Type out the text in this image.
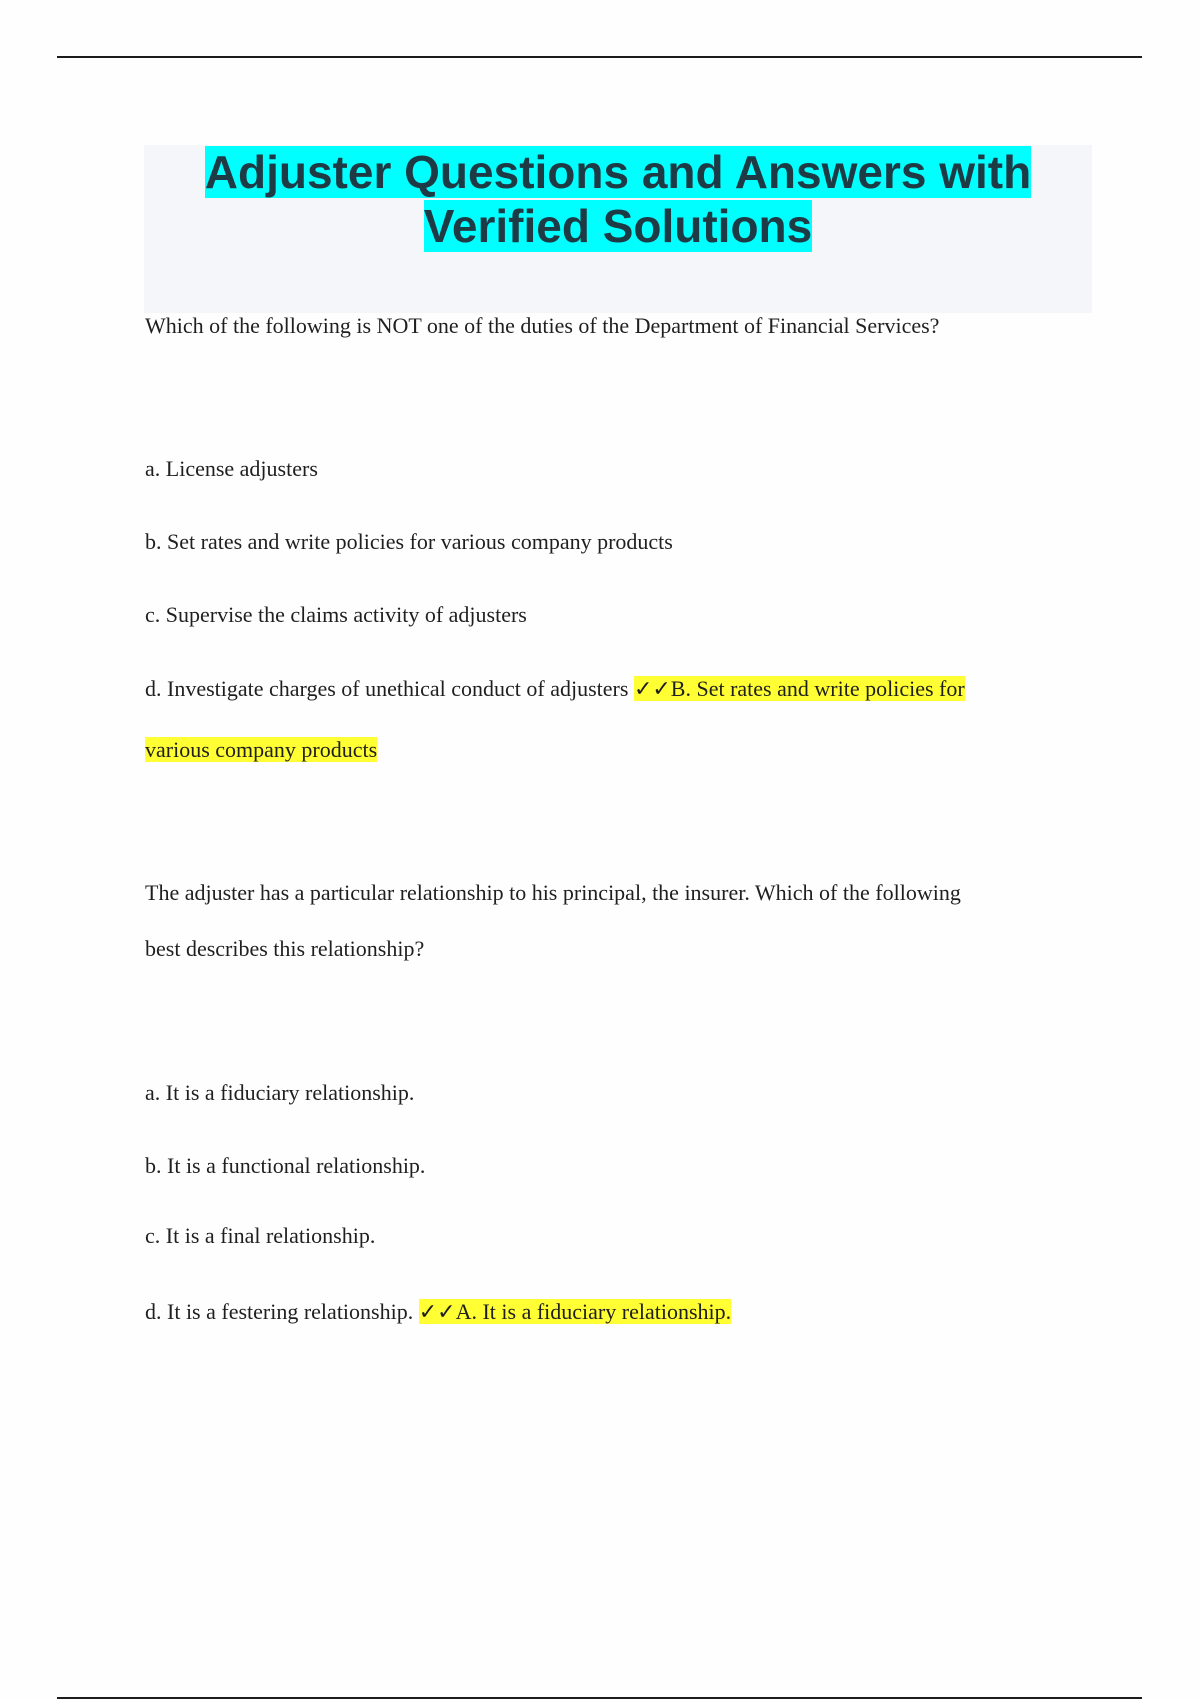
Adjuster Questions and Answers with
Verified Solutions
Which of the following is NOT one of the duties of the Department of Financial Services?
a. License adjusters
b. Set rates and write policies for various company products
c. Supervise the claims activity of adjusters
d. Investigate charges of unethical conduct of adjusters ✓✓B. Set rates and write policies for
various company products
The adjuster has a particular relationship to his principal, the insurer. Which of the following
best describes this relationship?
a. It is a fiduciary relationship.
b. It is a functional relationship.
c. It is a final relationship.
d. It is a festering relationship. ✓✓A. It is a fiduciary relationship.
